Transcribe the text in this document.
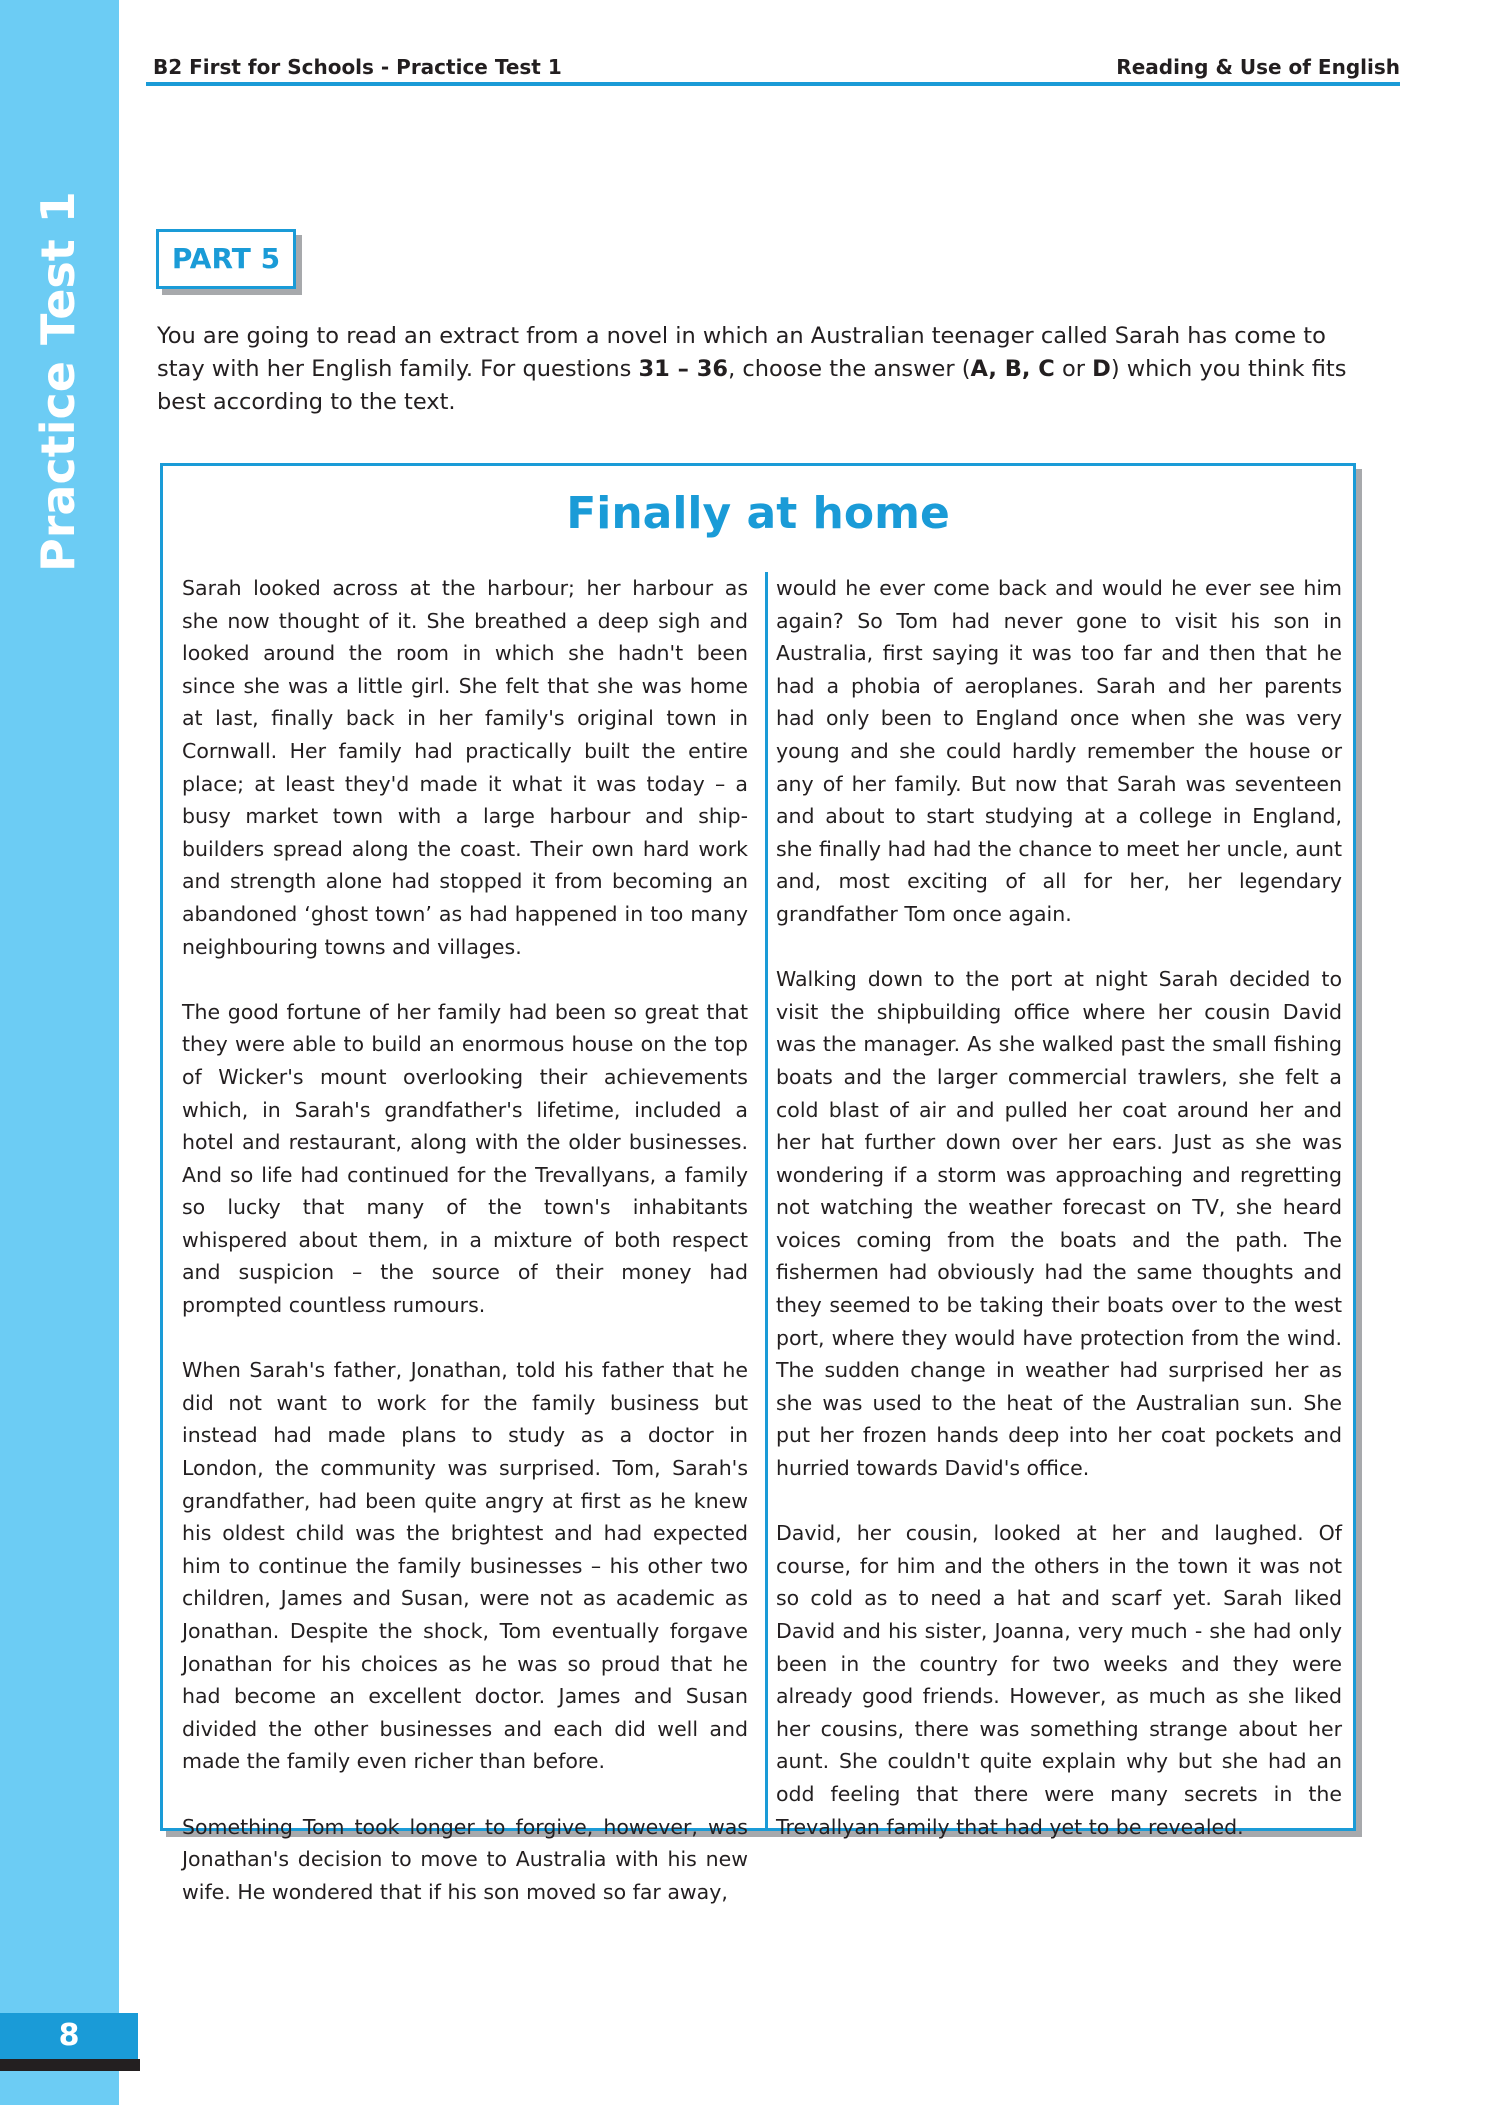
Practice Test 1
8
B2 First for Schools - Practice Test 1	Reading & Use of English
PART 5
You are going to read an extract from a novel in which an Australian teenager called Sarah has come to stay with her English family. For questions 31 – 36, choose the answer (A, B, C or D) which you think fits best according to the text.
Finally at home

Sarah looked across at the harbour; her harbour as she now thought of it. She breathed a deep sigh and looked around the room in which she hadn't been since she was a little girl. She felt that she was home at last, finally back in her family's original town in Cornwall. Her family had practically built the entire place; at least they'd made it what it was today – a busy market town with a large harbour and ship-builders spread along the coast. Their own hard work and strength alone had stopped it from becoming an abandoned ‘ghost town’ as had happened in too many neighbouring towns and villages.

The good fortune of her family had been so great that they were able to build an enormous house on the top of Wicker's mount overlooking their achievements which, in Sarah's grandfather's lifetime, included a hotel and restaurant, along with the older businesses. And so life had continued for the Trevallyans, a family so lucky that many of the town's inhabitants whispered about them, in a mixture of both respect and suspicion – the source of their money had prompted countless rumours.

When Sarah's father, Jonathan, told his father that he did not want to work for the family business but instead had made plans to study as a doctor in London, the community was surprised. Tom, Sarah's grandfather, had been quite angry at first as he knew his oldest child was the brightest and had expected him to continue the family businesses – his other two children, James and Susan, were not as academic as Jonathan. Despite the shock, Tom eventually forgave Jonathan for his choices as he was so proud that he had become an excellent doctor. James and Susan divided the other businesses and each did well and made the family even richer than before.

Something Tom took longer to forgive, however, was Jonathan's decision to move to Australia with his new wife. He wondered that if his son moved so far away,

would he ever come back and would he ever see him again? So Tom had never gone to visit his son in Australia, first saying it was too far and then that he had a phobia of aeroplanes. Sarah and her parents had only been to England once when she was very young and she could hardly remember the house or any of her family. But now that Sarah was seventeen and about to start studying at a college in England, she finally had had the chance to meet her uncle, aunt and, most exciting of all for her, her legendary grandfather Tom once again.

Walking down to the port at night Sarah decided to visit the shipbuilding office where her cousin David was the manager. As she walked past the small fishing boats and the larger commercial trawlers, she felt a cold blast of air and pulled her coat around her and her hat further down over her ears. Just as she was wondering if a storm was approaching and regretting not watching the weather forecast on TV, she heard voices coming from the boats and the path. The fishermen had obviously had the same thoughts and they seemed to be taking their boats over to the west port, where they would have protection from the wind. The sudden change in weather had surprised her as she was used to the heat of the Australian sun. She put her frozen hands deep into her coat pockets and hurried towards David's office.

David, her cousin, looked at her and laughed. Of course, for him and the others in the town it was not so cold as to need a hat and scarf yet. Sarah liked David and his sister, Joanna, very much - she had only been in the country for two weeks and they were already good friends. However, as much as she liked her cousins, there was something strange about her aunt. She couldn't quite explain why but she had an odd feeling that there were many secrets in the Trevallyan family that had yet to be revealed.
